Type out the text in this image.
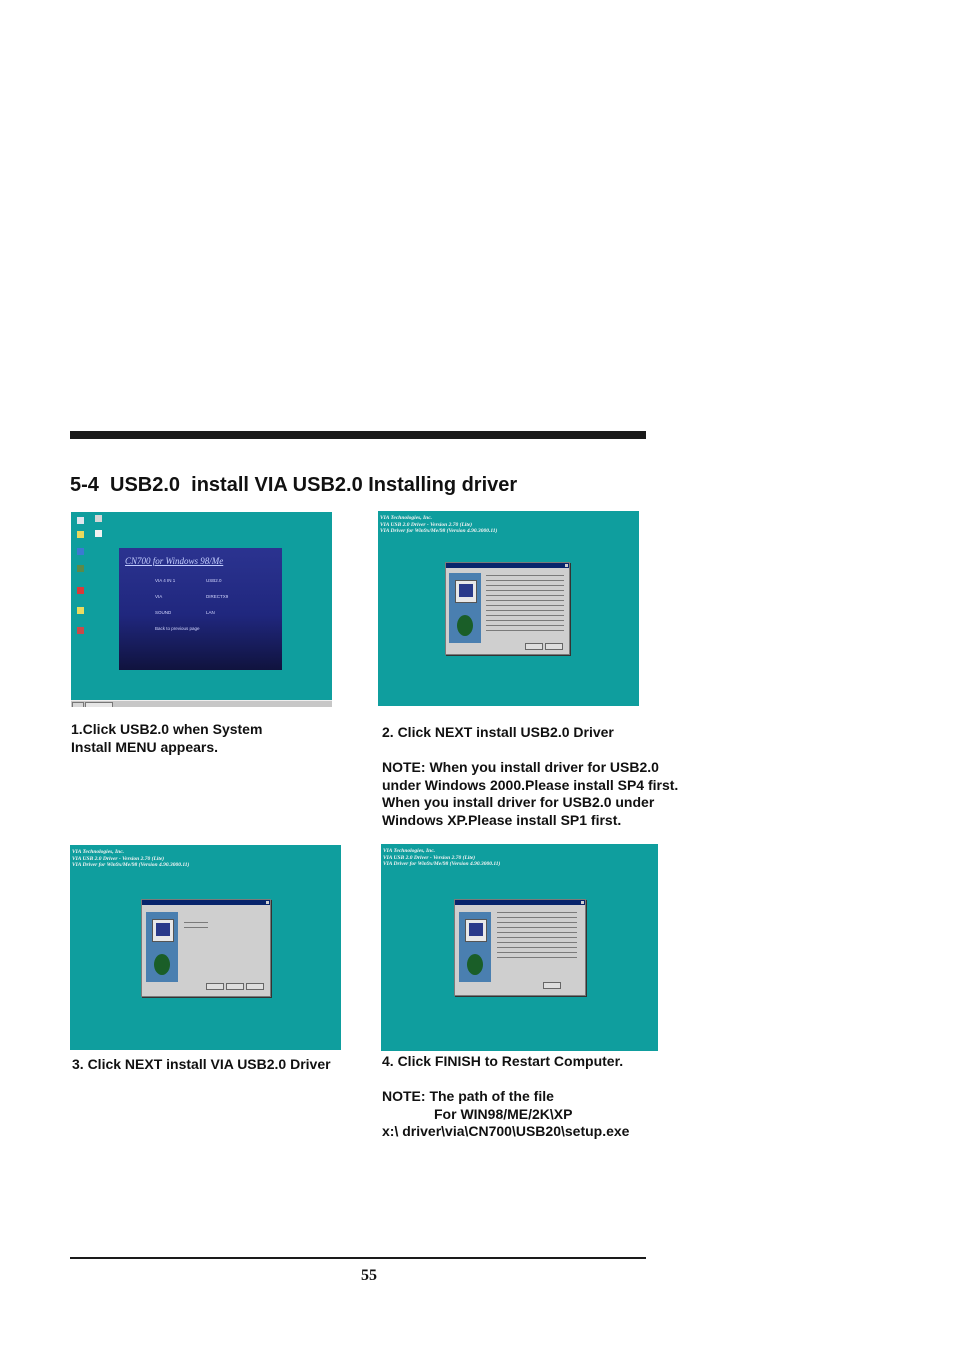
5-4  USB2.0  install VIA USB2.0 Installing driver
CN700 for Windows 98/Me
VIA 4 IN 1	USB2.0
VIA	DIRECTX9
SOUND	LAN
Back to previous page
1.Click USB2.0 when System
Install MENU appears.
VIA Technologies, Inc.
VIA USB 2.0 Driver - Version 2.70 (Lite)
VIA Driver for Win9x/Me/98 (Version 4.90.3000.11)
2. Click NEXT install USB2.0 Driver

NOTE: When you install driver for USB2.0
under Windows 2000.Please install SP4 first.
When you install driver for USB2.0 under
Windows XP.Please install SP1 first.
VIA Technologies, Inc.
VIA USB 2.0 Driver - Version 2.70 (Lite)
VIA Driver for Win9x/Me/98 (Version 4.90.3000.11)
3. Click NEXT install VIA USB2.0 Driver
VIA Technologies, Inc.
VIA USB 2.0 Driver - Version 2.70 (Lite)
VIA Driver for Win9x/Me/98 (Version 4.90.3000.11)
4. Click FINISH to Restart Computer.

NOTE: The path of the file
For WIN98/ME/2K\XP
x:\ driver\via\CN700\USB20\setup.exe
55
